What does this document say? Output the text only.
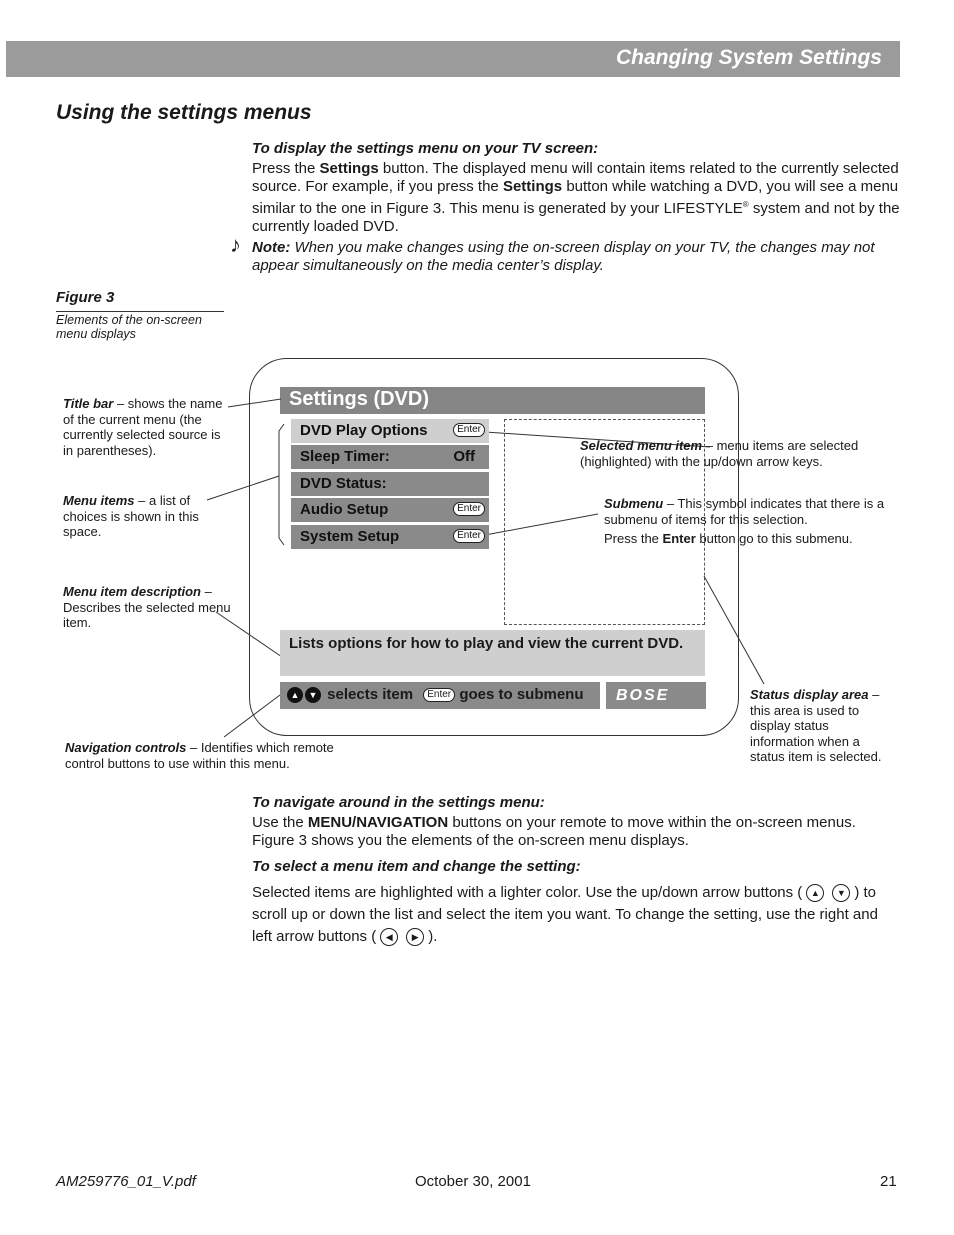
Changing System Settings
Using the settings menus
To display the settings menu on your TV screen:
Press the Settings button. The displayed menu will contain items related to the currently selected source. For example, if you press the Settings button while watching a DVD, you will see a menu similar to the one in Figure 3. This menu is generated by your LIFESTYLE® system and not by the currently loaded DVD.
♪ Note: When you make changes using the on-screen display on your TV, the changes may not appear simultaneously on the media center’s display.
Figure 3
Elements of the on-screen menu displays
Settings (DVD)
DVD Play Options	Enter
Sleep Timer:	Off
DVD Status:
Audio Setup	Enter
System Setup	Enter
Lists options for how to play and view the current DVD.
▲ ▼ selects item Enter goes to submenu	BOSE
Title bar – shows the name of the current menu (the currently selected source is in parentheses).
Menu items – a list of choices is shown in this space.
Menu item description – Describes the selected menu item.
Navigation controls – Identifies which remote control buttons to use within this menu.
Selected menu item – menu items are selected (highlighted) with the up/down arrow keys.
Submenu – This symbol indicates that there is a submenu of items for this selection.
Press the Enter button go to this submenu.
Status display area – this area is used to display status information when a status item is selected.
To navigate around in the settings menu:
Use the MENU/NAVIGATION buttons on your remote to move within the on-screen menus. Figure 3 shows you the elements of the on-screen menu displays.
To select a menu item and change the setting:
Selected items are highlighted with a lighter color. Use the up/down arrow buttons ( ▲ ▼ ) to scroll up or down the list and select the item you want. To change the setting, use the right and left arrow buttons ( ◀ ▶ ).
AM259776_01_V.pdf	October 30, 2001	21
